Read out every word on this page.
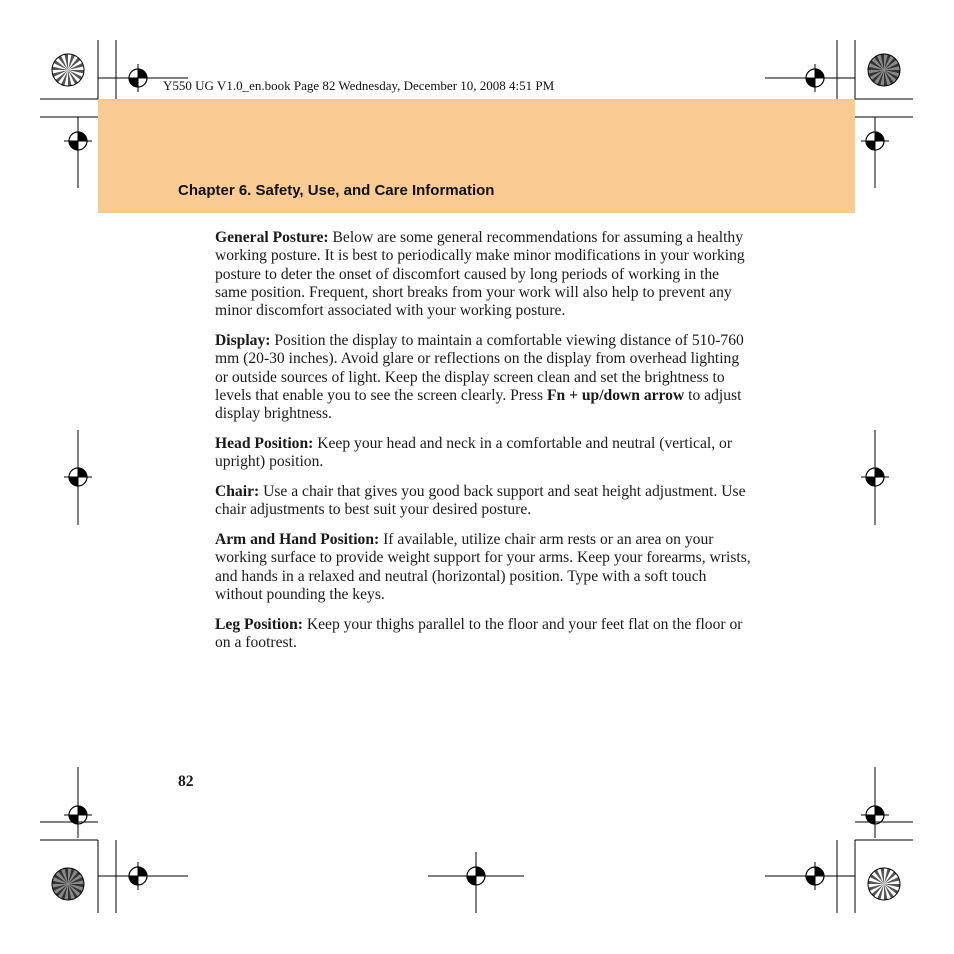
Y550 UG V1.0_en.book Page 82 Wednesday, December 10, 2008 4:51 PM
Chapter 6. Safety, Use, and Care Information

General Posture: Below are some general recommendations for assuming a healthy working posture. It is best to periodically make minor modifications in your working posture to deter the onset of discomfort caused by long periods of working in the same position. Frequent, short breaks from your work will also help to prevent any minor discomfort associated with your working posture.

Display: Position the display to maintain a comfortable viewing distance of 510-760 mm (20-30 inches). Avoid glare or reflections on the display from overhead lighting or outside sources of light. Keep the display screen clean and set the brightness to levels that enable you to see the screen clearly. Press Fn + up/down arrow to adjust display brightness.

Head Position: Keep your head and neck in a comfortable and neutral (vertical, or upright) position.

Chair: Use a chair that gives you good back support and seat height adjustment. Use chair adjustments to best suit your desired posture.

Arm and Hand Position: If available, utilize chair arm rests or an area on your working surface to provide weight support for your arms. Keep your forearms, wrists, and hands in a relaxed and neutral (horizontal) position. Type with a soft touch without pounding the keys.

Leg Position: Keep your thighs parallel to the floor and your feet flat on the floor or on a footrest.

82
